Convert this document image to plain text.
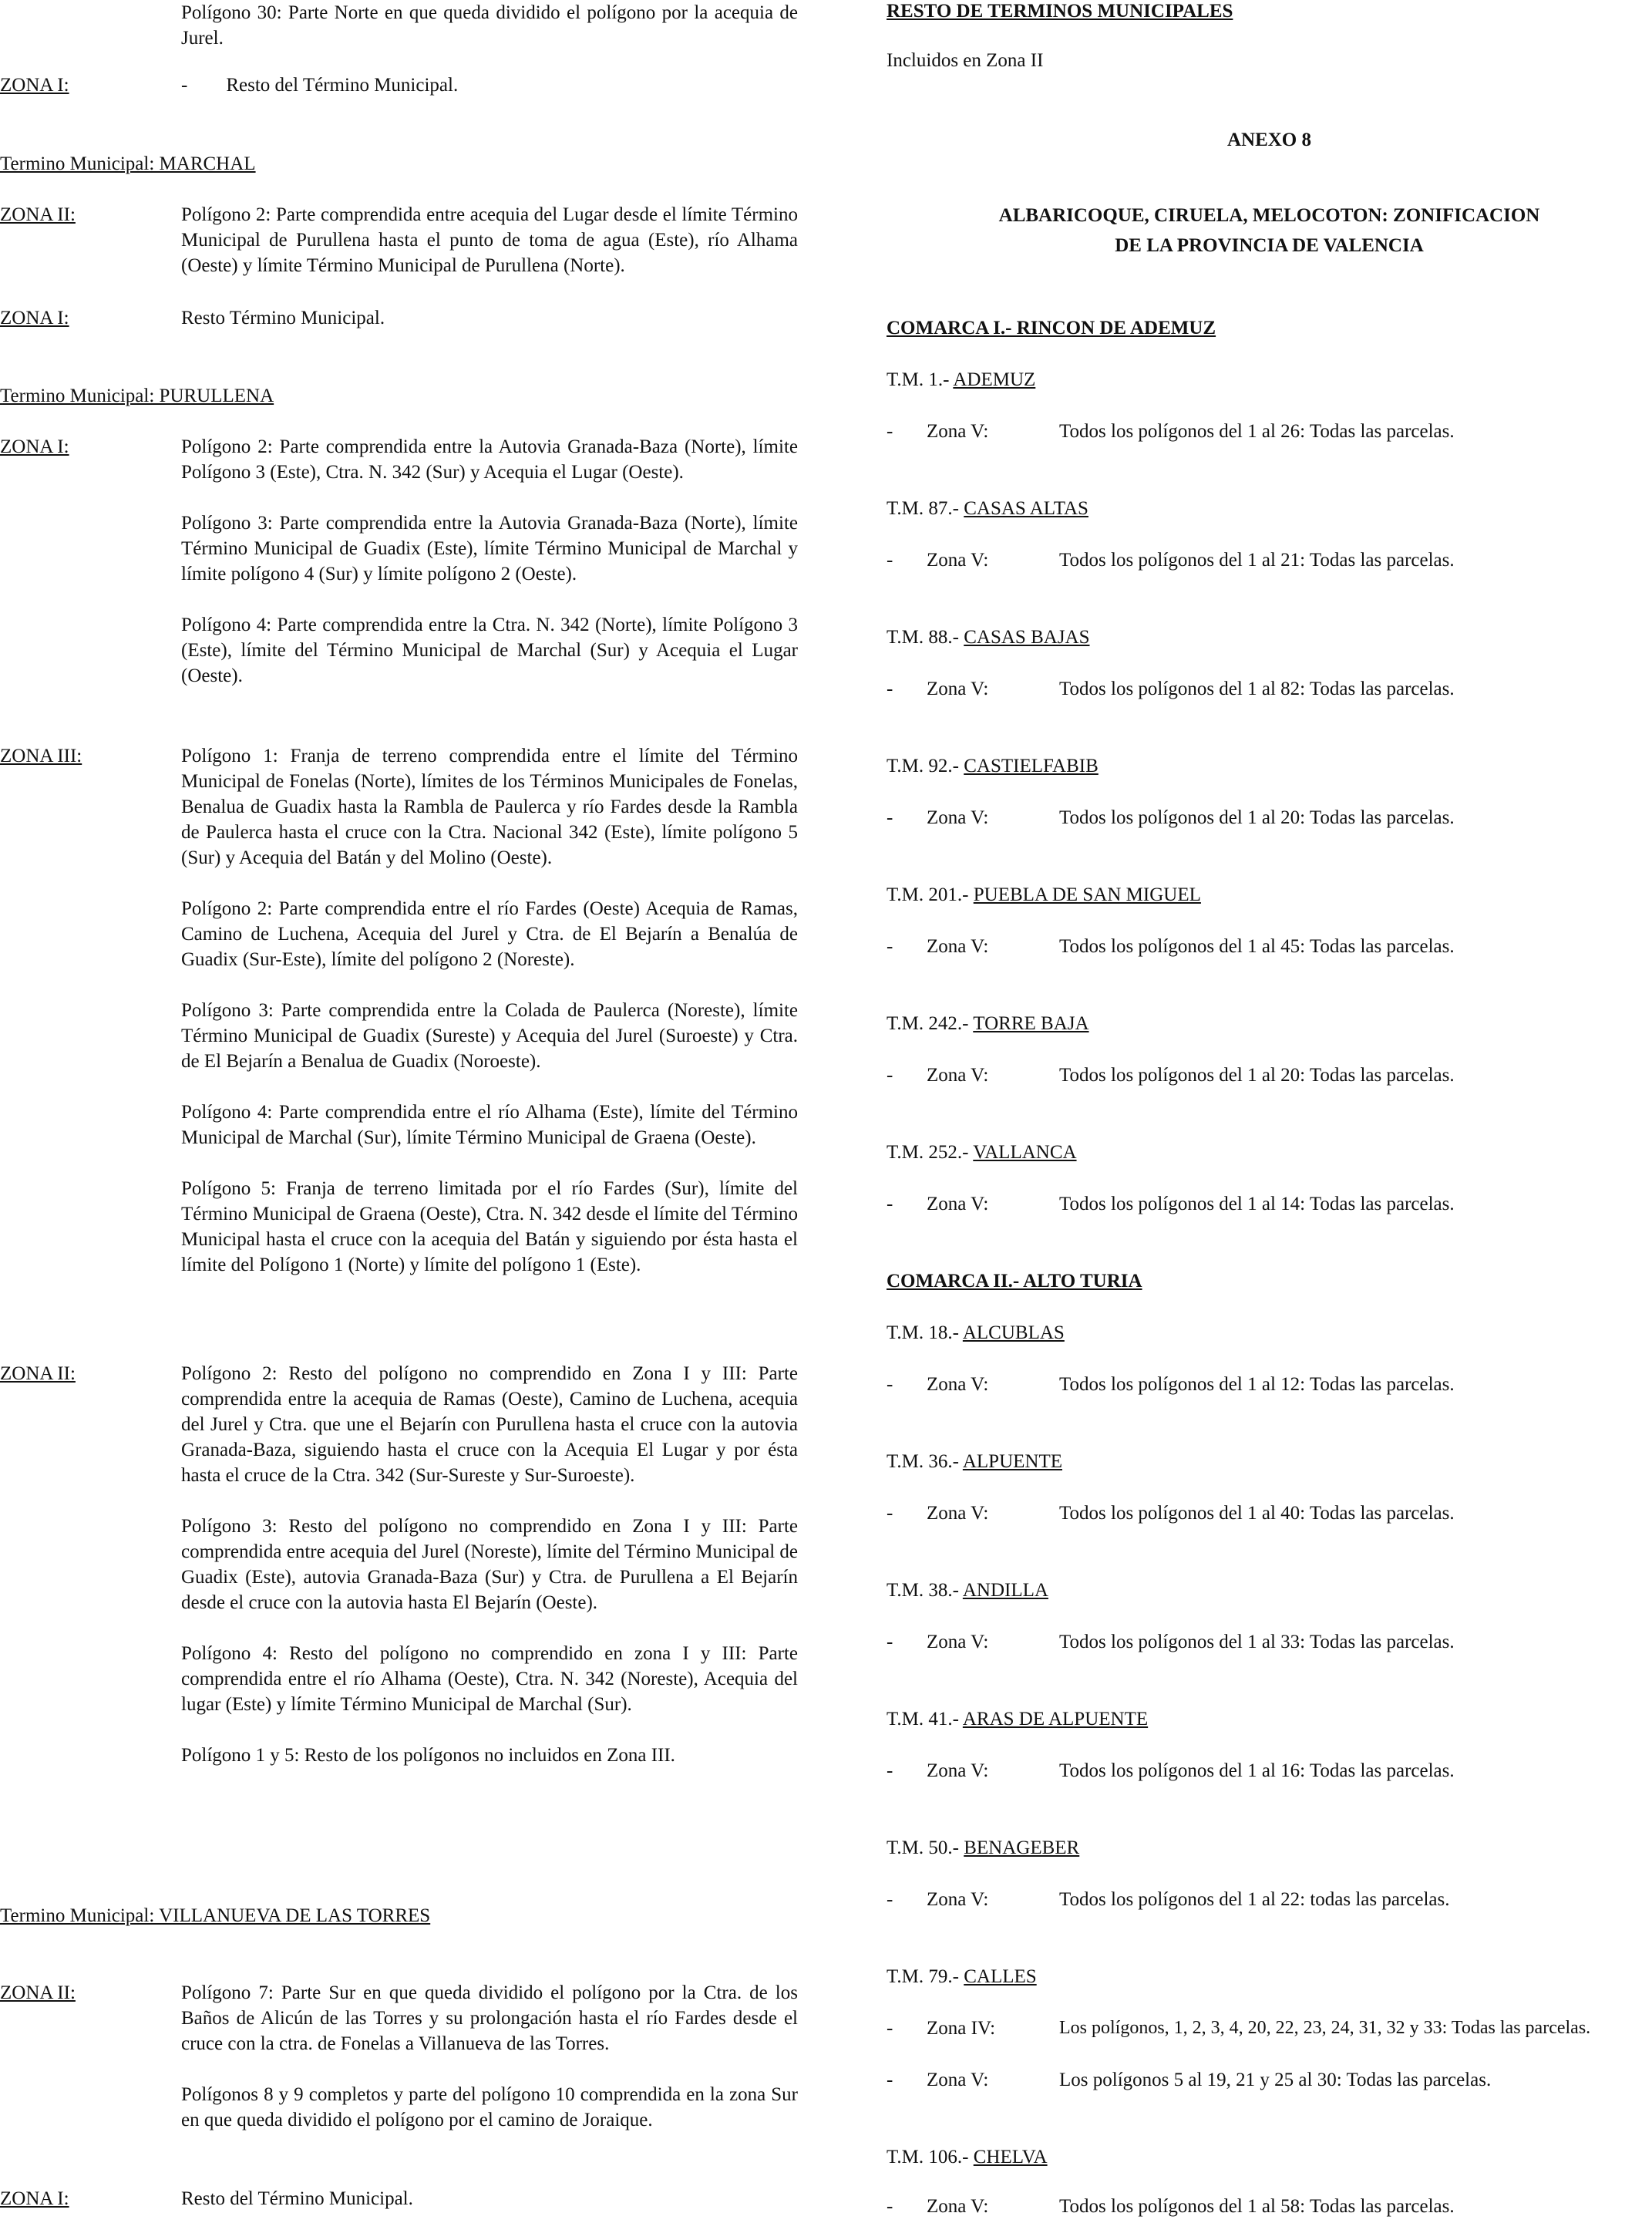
Polígono 30: Parte Norte en que queda dividido el polígono por la acequia de Jurel.

ZONA I:	-        Resto del Término Municipal.

Termino Municipal: MARCHAL
ZONA II:	Polígono 2: Parte comprendida entre acequia del Lugar desde el límite Término Municipal de Purullena hasta el punto de toma de agua (Este), río Alhama (Oeste) y límite Término Municipal de Purullena (Norte).

ZONA I:	Resto Término Municipal.

Termino Municipal: PURULLENA
ZONA I:	Polígono 2: Parte comprendida entre la Autovia Granada-Baza (Norte), límite Polígono 3 (Este), Ctra. N. 342 (Sur) y Acequia el Lugar (Oeste).

Polígono 3: Parte comprendida entre la Autovia Granada-Baza (Norte), límite Término Municipal de Guadix (Este), límite Término Municipal de Marchal y límite polígono 4 (Sur) y límite polígono 2 (Oeste).

Polígono 4: Parte comprendida entre la Ctra. N. 342 (Norte), límite Polígono 3 (Este), límite del Término Municipal de Marchal (Sur) y Acequia el Lugar (Oeste).

ZONA III:	Polígono 1: Franja de terreno comprendida entre el límite del Término Municipal de Fonelas (Norte), límites de los Términos Municipales de Fonelas, Benalua de Guadix hasta la Rambla de Paulerca y río Fardes desde la Rambla de Paulerca hasta el cruce con la Ctra. Nacional 342 (Este), límite polígono 5 (Sur) y Acequia del Batán y del Molino (Oeste).

Polígono 2: Parte comprendida entre el río Fardes (Oeste) Acequia de Ramas, Camino de Luchena, Acequia del Jurel y Ctra. de El Bejarín a Benalúa de Guadix (Sur-Este), límite del polígono 2 (Noreste).

Polígono 3: Parte comprendida entre la Colada de Paulerca (Noreste), límite Término Municipal de Guadix (Sureste) y Acequia del Jurel (Suroeste) y Ctra. de El Bejarín a Benalua de Guadix (Noroeste).

Polígono 4: Parte comprendida entre el río Alhama (Este), límite del Término Municipal de Marchal (Sur), límite Término Municipal de Graena (Oeste).

Polígono 5: Franja de terreno limitada por el río Fardes (Sur), límite del Término Municipal de Graena (Oeste), Ctra. N. 342 desde el límite del Término Municipal hasta el cruce con la acequia del Batán y siguiendo por ésta hasta el límite del Polígono 1 (Norte) y límite del polígono 1 (Este).

ZONA II:	Polígono 2: Resto del polígono no comprendido en Zona I y III: Parte comprendida entre la acequia de Ramas (Oeste), Camino de Luchena, acequia del Jurel y Ctra. que une el Bejarín con Purullena hasta el cruce con la autovia Granada-Baza, siguiendo hasta el cruce con la Acequia El Lugar y por ésta hasta el cruce de la Ctra. 342 (Sur-Sureste y Sur-Suroeste).

Polígono 3: Resto del polígono no comprendido en Zona I y III: Parte comprendida entre acequia del Jurel (Noreste), límite del Término Municipal de Guadix (Este), autovia Granada-Baza (Sur) y Ctra. de Purullena a El Bejarín desde el cruce con la autovia hasta El Bejarín (Oeste).

Polígono 4: Resto del polígono no comprendido en zona I y III: Parte comprendida entre el río Alhama (Oeste), Ctra. N. 342 (Noreste), Acequia del lugar (Este) y límite Término Municipal de Marchal (Sur).

Polígono 1 y 5: Resto de los polígonos no incluidos en Zona III.

Termino Municipal: VILLANUEVA DE LAS TORRES
ZONA II:	Polígono 7: Parte Sur en que queda dividido el polígono por la Ctra. de los Baños de Alicún de las Torres y su prolongación hasta el río Fardes desde el cruce con la ctra. de Fonelas a Villanueva de las Torres.

Polígonos 8 y 9 completos y parte del polígono 10 comprendida en la zona Sur en que queda dividido el polígono por el camino de Joraique.

ZONA I:	Resto del Término Municipal.

RESTO DE TERMINOS MUNICIPALES
Incluidos en Zona II
ANEXO 8
ALBARICOQUE, CIRUELA, MELOCOTON: ZONIFICACION
DE LA PROVINCIA DE VALENCIA
COMARCA I.- RINCON DE ADEMUZ
T.M. 1.- ADEMUZ
- Zona V:	Todos los polígonos del 1 al 26: Todas las parcelas.
T.M. 87.- CASAS ALTAS
- Zona V:	Todos los polígonos del 1 al 21: Todas las parcelas.
T.M. 88.- CASAS BAJAS
- Zona V:	Todos los polígonos del 1 al 82: Todas las parcelas.
T.M. 92.- CASTIELFABIB
- Zona V:	Todos los polígonos del 1 al 20: Todas las parcelas.
T.M. 201.- PUEBLA DE SAN MIGUEL
- Zona V:	Todos los polígonos del 1 al 45: Todas las parcelas.
T.M. 242.- TORRE BAJA
- Zona V:	Todos los polígonos del 1 al 20: Todas las parcelas.
T.M. 252.- VALLANCA
- Zona V:	Todos los polígonos del 1 al 14: Todas las parcelas.
COMARCA II.- ALTO TURIA
T.M. 18.- ALCUBLAS
- Zona V:	Todos los polígonos del 1 al 12: Todas las parcelas.
T.M. 36.- ALPUENTE
- Zona V:	Todos los polígonos del 1 al 40: Todas las parcelas.
T.M. 38.- ANDILLA
- Zona V:	Todos los polígonos del 1 al 33: Todas las parcelas.
T.M. 41.- ARAS DE ALPUENTE
- Zona V:	Todos los polígonos del 1 al 16: Todas las parcelas.
T.M. 50.- BENAGEBER
- Zona V:	Todos los polígonos del 1 al 22: todas las parcelas.
T.M. 79.- CALLES
- Zona IV:	Los polígonos, 1, 2, 3, 4, 20, 22, 23, 24, 31, 32 y 33: Todas las parcelas.
- Zona V:	Los polígonos 5 al 19, 21 y 25 al 30: Todas las parcelas.
T.M. 106.- CHELVA
- Zona V:	Todos los polígonos del 1 al 58: Todas las parcelas.
